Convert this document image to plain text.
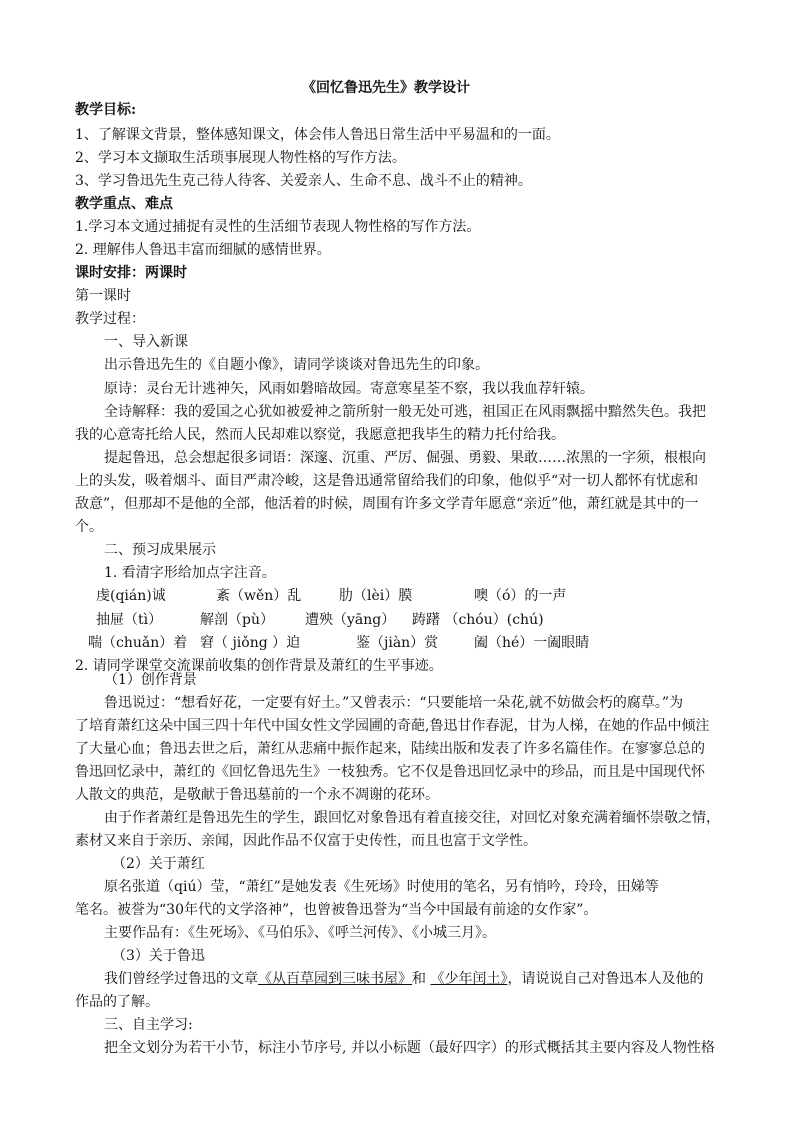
《回忆鲁迅先生》教学设计
教学目标:
1、了解课文背景，整体感知课文，体会伟人鲁迅日常生活中平易温和的一面。
2、学习本文撷取生活琐事展现人物性格的写作方法。
3、学习鲁迅先生克己待人待客、关爱亲人、生命不息、战斗不止的精神。
教学重点、难点
1.学习本文通过捕捉有灵性的生活细节表现人物性格的写作方法。
2. 理解伟人鲁迅丰富而细腻的感情世界。
课时安排：两课时
第一课时
教学过程：
一、导入新课
出示鲁迅先生的《自题小像》，请同学谈谈对鲁迅先生的印象。
原诗：灵台无计逃神矢，风雨如磐暗故园。寄意寒星荃不察，我以我血荐轩辕。
全诗解释：我的爱国之心犹如被爱神之箭所射一般无处可逃，祖国正在风雨飘摇中黯然失色。我把
我的心意寄托给人民，然而人民却难以察觉，我愿意把我毕生的精力托付给我。
提起鲁迅，总会想起很多词语：深邃、沉重、严厉、倔强、勇毅、果敢……浓黑的一字须，根根向
上的头发，吸着烟斗、面目严肃冷峻，这是鲁迅通常留给我们的印象，他似乎“对一切人都怀有忧虑和
敌意”，但那却不是他的全部，他活着的时候，周围有许多文学青年愿意“亲近”他，萧红就是其中的一
个。
二、预习成果展示
1. 看清字形给加点字注音。
虔(qián)诚	紊（wěn）乱	肋（lèi）膜	噢（ó）的一声
抽屉（tì）	解剖（pù） 遭殃（yāng） 踌躇 （chóu）(chú)
喘（chuǎn）着 窘（ jiǒng ）迫	鉴（jiàn）赏	阖（hé）一阖眼睛
2. 请同学课堂交流课前收集的创作背景及萧红的生平事迹。
（1）创作背景
鲁迅说过：“想看好花，一定要有好土。”又曾表示：“只要能培一朵花,就不妨做会朽的腐草。”为
了培育萧红这朵中国三四十年代中国女性文学园圃的奇葩,鲁迅甘作春泥，甘为人梯，在她的作品中倾注
了大量心血；鲁迅去世之后，萧红从悲痛中振作起来，陆续出版和发表了许多名篇佳作。在寥寥总总的
鲁迅回忆录中，萧红的《回忆鲁迅先生》一枝独秀。它不仅是鲁迅回忆录中的珍品，而且是中国现代怀
人散文的典范，是敬献于鲁迅墓前的一个永不凋谢的花环。
由于作者萧红是鲁迅先生的学生，跟回忆对象鲁迅有着直接交往，对回忆对象充满着缅怀崇敬之情，
素材又来自于亲历、亲闻，因此作品不仅富于史传性，而且也富于文学性。
（2）关于萧红
原名张道（qiú）莹，“萧红”是她发表《生死场》时使用的笔名，另有悄吟，玲玲，田娣等
笔名。被誉为“30年代的文学洛神”，也曾被鲁迅誉为“当今中国最有前途的女作家”。
主要作品有：《生死场》、《马伯乐》、《呼兰河传》、《小城三月》。
（3）关于鲁迅
我们曾经学过鲁迅的文章《从百草园到三味书屋》和 《少年闰土》，请说说自己对鲁迅本人及他的
作品的了解。
三、自主学习:
把全文划分为若干小节，标注小节序号, 并以小标题（最好四字）的形式概括其主要内容及人物性格
